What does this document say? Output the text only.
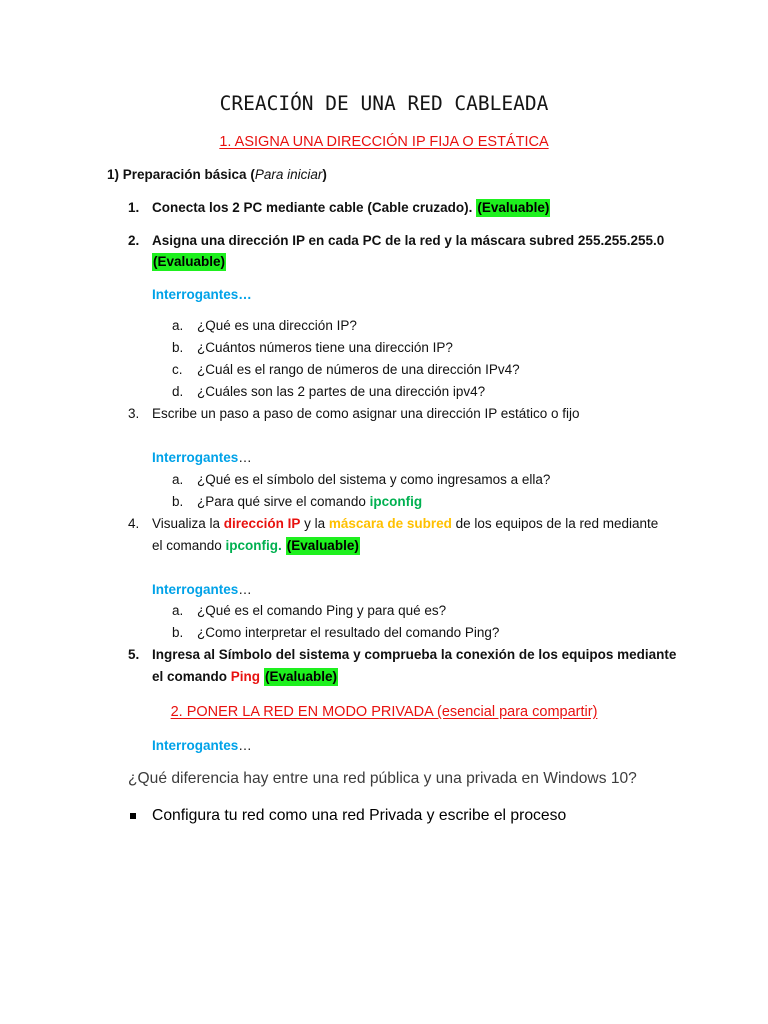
CREACIÓN DE UNA RED CABLEADA
1. ASIGNA UNA DIRECCIÓN IP FIJA O ESTÁTICA
1) Preparación básica (Para iniciar)
1. Conecta los 2 PC mediante cable (Cable cruzado). (Evaluable)
2. Asigna una dirección IP en cada PC de la red y la máscara subred 255.255.255.0
(Evaluable)
Interrogantes…
a. ¿Qué es una dirección IP?
b. ¿Cuántos números tiene una dirección IP?
c. ¿Cuál es el rango de números de una dirección IPv4?
d. ¿Cuáles son las 2 partes de una dirección ipv4?
3. Escribe un paso a paso de como asignar una dirección IP estático o fijo
Interrogantes…
a. ¿Qué es el símbolo del sistema y como ingresamos a ella?
b. ¿Para qué sirve el comando ipconfig
4. Visualiza la dirección IP y la máscara de subred de los equipos de la red mediante
el comando ipconfig. (Evaluable)
Interrogantes…
a. ¿Qué es el comando Ping y para qué es?
b. ¿Como interpretar el resultado del comando Ping?
5. Ingresa al Símbolo del sistema y comprueba la conexión de los equipos mediante
el comando Ping (Evaluable)
2. PONER LA RED EN MODO PRIVADA (esencial para compartir)
Interrogantes…
¿Qué diferencia hay entre una red pública y una privada en Windows 10?
Configura tu red como una red Privada y escribe el proceso
